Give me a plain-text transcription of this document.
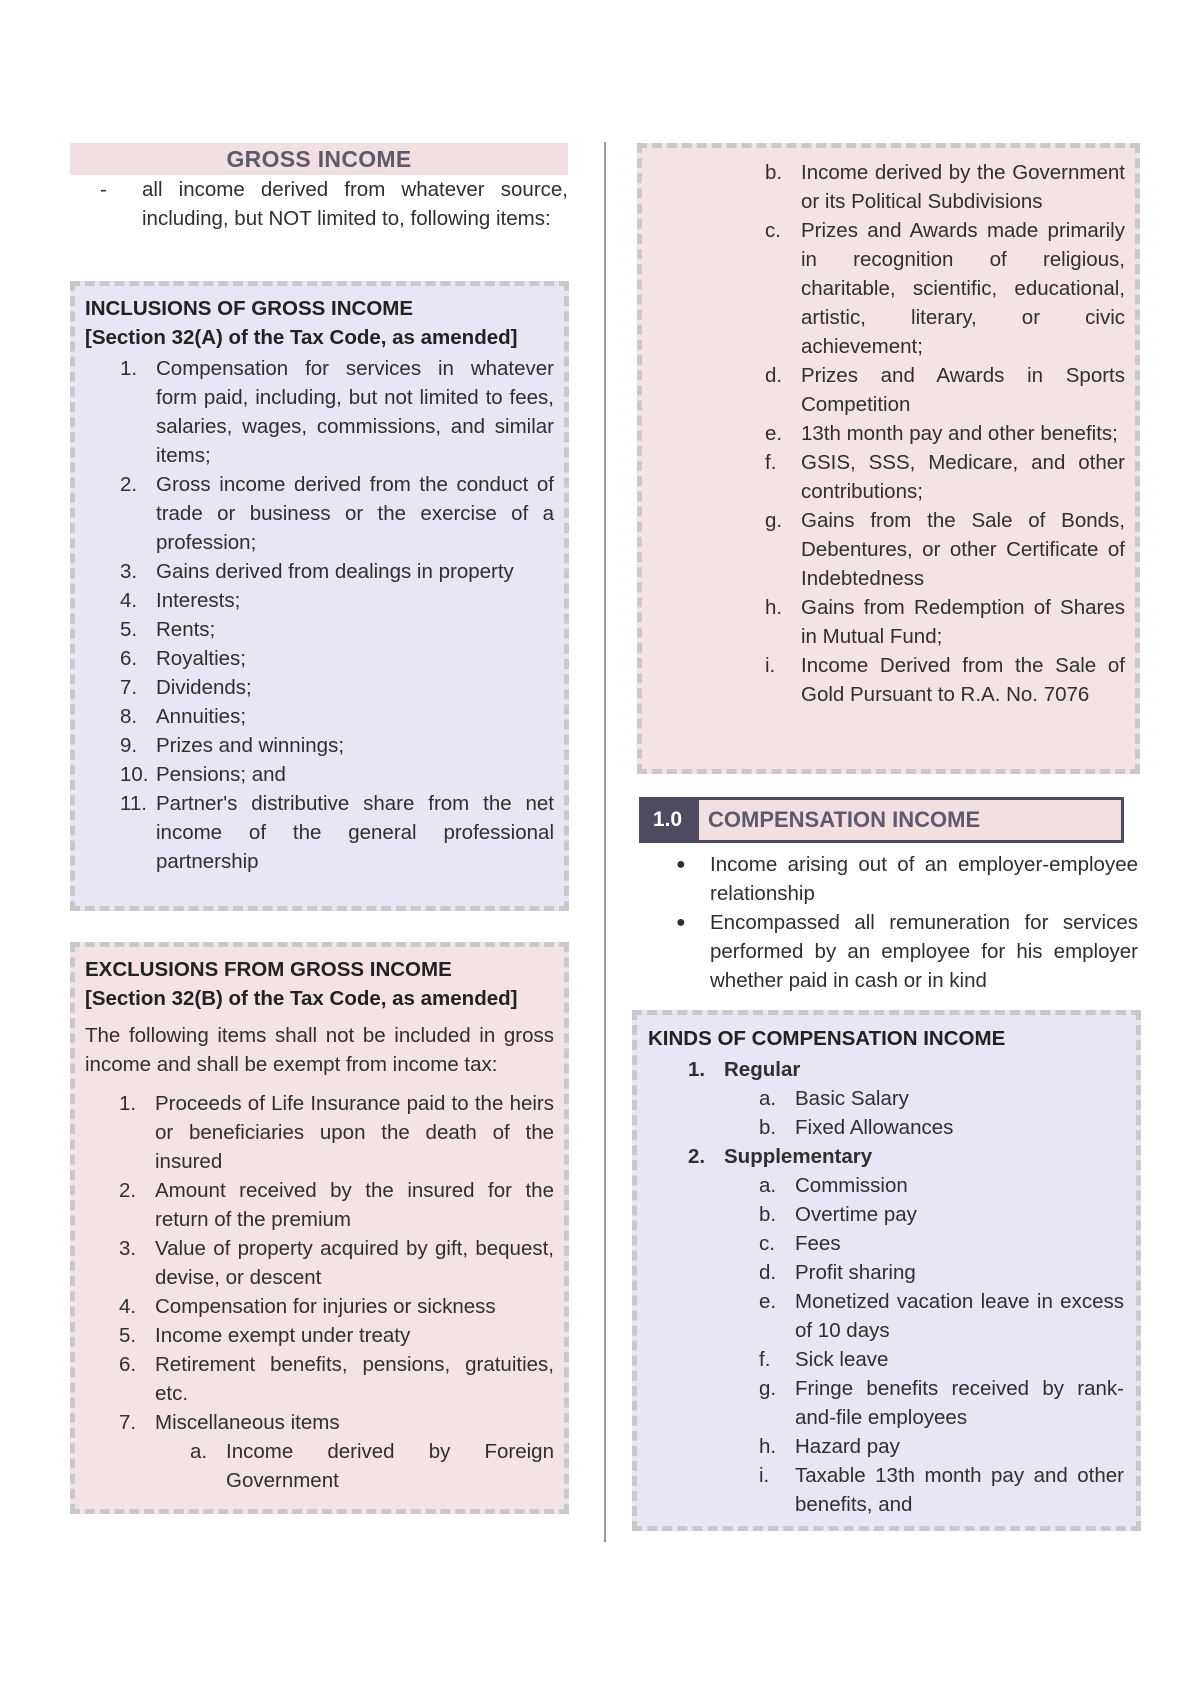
GROSS INCOME
- all income derived from whatever source, including, but NOT limited to, following items:
INCLUSIONS OF GROSS INCOME
[Section 32(A) of the Tax Code, as amended]
1. Compensation for services in whatever form paid, including, but not limited to fees, salaries, wages, commissions, and similar items;
2. Gross income derived from the conduct of trade or business or the exercise of a profession;
3. Gains derived from dealings in property
4. Interests;
5. Rents;
6. Royalties;
7. Dividends;
8. Annuities;
9. Prizes and winnings;
10. Pensions; and
11. Partner's distributive share from the net income of the general professional partnership
EXCLUSIONS FROM GROSS INCOME
[Section 32(B) of the Tax Code, as amended]
The following items shall not be included in gross income and shall be exempt from income tax:
1. Proceeds of Life Insurance paid to the heirs or beneficiaries upon the death of the insured
2. Amount received by the insured for the return of the premium
3. Value of property acquired by gift, bequest, devise, or descent
4. Compensation for injuries or sickness
5. Income exempt under treaty
6. Retirement benefits, pensions, gratuities, etc.
7. Miscellaneous items
a. Income derived by Foreign Government
b. Income derived by the Government or its Political Subdivisions
c. Prizes and Awards made primarily in recognition of religious, charitable, scientific, educational, artistic, literary, or civic achievement;
d. Prizes and Awards in Sports Competition
e. 13th month pay and other benefits;
f.	GSIS, SSS, Medicare, and other contributions;
g. Gains from the Sale of Bonds, Debentures, or other Certificate of Indebtedness
h. Gains from Redemption of Shares in Mutual Fund;
i.	Income Derived from the Sale of Gold Pursuant to R.A. No. 7076
1.0	COMPENSATION INCOME
●	Income arising out of an employer-employee relationship
●	Encompassed all remuneration for services performed by an employee for his employer whether paid in cash or in kind
KINDS OF COMPENSATION INCOME
1. Regular
a. Basic Salary
b. Fixed Allowances
2. Supplementary
a. Commission
b. Overtime pay
c. Fees
d. Profit sharing
e. Monetized vacation leave in excess of 10 days
f.	Sick leave
g. Fringe benefits received by rank-and-file employees
h. Hazard pay
i.	Taxable 13th month pay and other benefits, and
